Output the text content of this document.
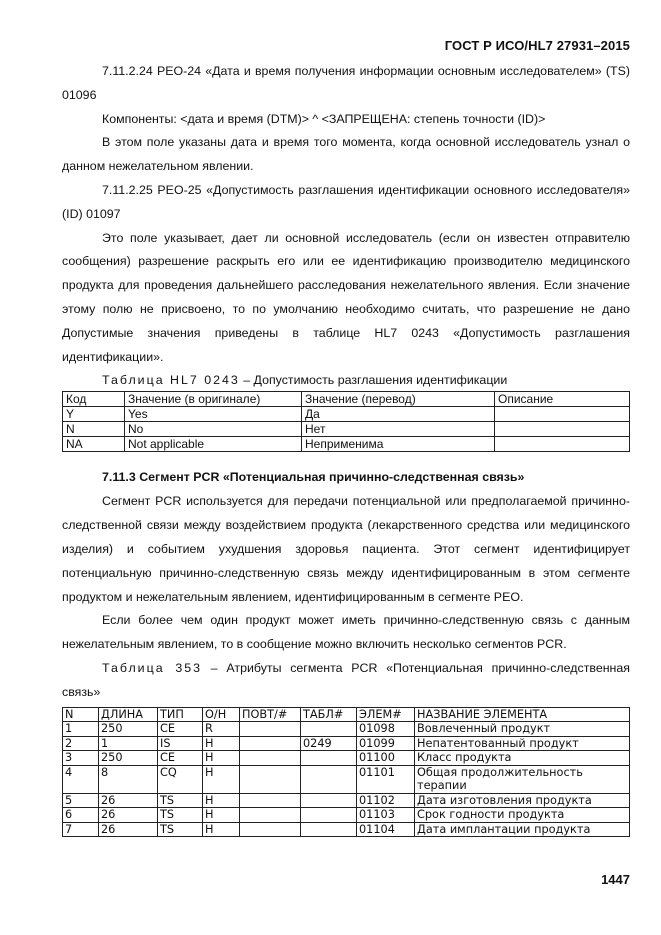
ГОСТ Р ИСО/HL7 27931–2015

7.11.2.24 PEO-24 «Дата и время получения информации основным исследователем» (TS) 01096

Компоненты: <дата и время (DTM)> ^ <ЗАПРЕЩЕНА: степень точности (ID)>

В этом поле указаны дата и время того момента, когда основной исследователь узнал о данном нежелательном явлении.

7.11.2.25 PEO-25 «Допустимость разглашения идентификации основного исследователя» (ID) 01097

Это поле указывает, дает ли основной исследователь (если он известен отправителю сообщения) разрешение раскрыть его или ее идентификацию производителю медицинского продукта для проведения дальнейшего расследования нежелательного явления. Если значение этому полю не присвоено, то по умолчанию необходимо считать, что разрешение не дано Допустимые значения приведены в таблице HL7 0243 «Допустимость разглашения идентификации».

Таблица HL7 0243 – Допустимость разглашения идентификации
Код	Значение (в оригинале)	Значение (перевод)	Описание
Y	Yes	Да	
N	No	Нет	
NA	Not applicable	Неприменима	
7.11.3 Сегмент PCR «Потенциальная причинно-следственная связь»

Сегмент PCR используется для передачи потенциальной или предполагаемой причинно-следственной связи между воздействием продукта (лекарственного средства или медицинского изделия) и событием ухудшения здоровья пациента. Этот сегмент идентифицирует потенциальную причинно-следственную связь между идентифицированным в этом сегменте продуктом и нежелательным явлением, идентифицированным в сегменте PEO.

Если более чем один продукт может иметь причинно-следственную связь с данным нежелательным явлением, то в сообщение можно включить несколько сегментов PCR.

Таблица 353 – Атрибуты сегмента PCR «Потенциальная причинно-следственная связь»

N	ДЛИНА	ТИП	О/Н	ПОВТ/#	ТАБЛ#	ЭЛЕМ#	НАЗВАНИЕ ЭЛЕМЕНТА
1	250	CE	R			01098	Вовлеченный продукт
2	1	IS	Н		0249	01099	Непатентованный продукт
3	250	CE	Н			01100	Класс продукта
4	8	CQ	Н			01101	Общая продолжительность терапии
5	26	TS	Н			01102	Дата изготовления продукта
6	26	TS	Н			01103	Срок годности продукта
7	26	TS	Н			01104	Дата имплантации продукта
1447
